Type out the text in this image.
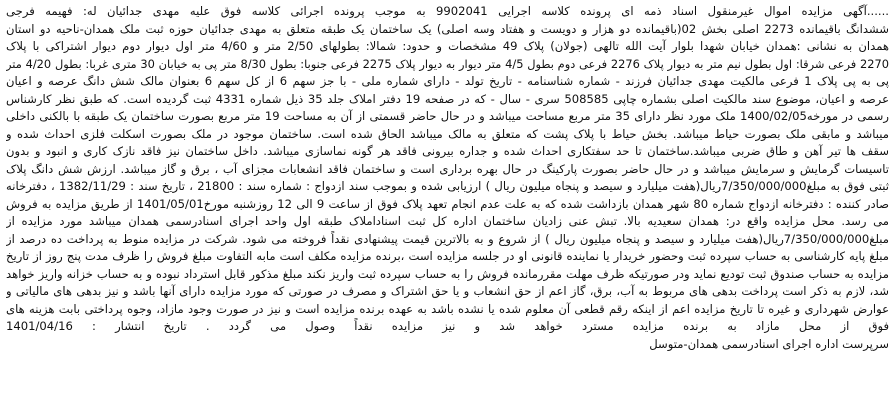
......آگهی مزایده اموال غیرمنقول اسناد ذمه ای پرونده کلاسه اجرایی 9902041 به موجب پرونده اجرائی کلاسه فوق علیه مهدی جدائیان له: فهیمه فرجی
ششدانگ باقیمانده 2273 اصلی بخش 02(باقیمانده دو هزار و دویست و هفتاد وسه اصلی) یک ساختمان یک طبقه متعلق به مهدی جدائیان حوزه ثبت ملک همدان-ناحیه دو استان
همدان به نشانی :همدان خیابان شهدا بلوار آیت الله تالهی (جولان) پلاک 49 مشخصات و حدود: شمالا: بطولهای 2/50 متر و 4/60 متر اول دیوار دوم دیوار اشتراکی با پلاک
2270 فرعی شرقا: اول بطول نیم متر به دیوار پلاک 2276 فرعی دوم بطول 4/5 متر دیوار به دیوار پلاک 2275 فرعی جنوبا: بطول 8/30 متر پی به خیابان 30 متری غربا: بطول 4/20 متر
پی به پی پلاک 1 فرعی مالکیت مهدی جدائیان فرزند - شماره شناسنامه - تاریخ تولد - دارای شماره ملی - با جز سهم 6 از کل سهم 6 بعنوان مالک شش دانگ عرصه و اعیان
عرصه و اعیان، موضوع سند مالکیت اصلی بشماره چاپی 508585 سری - سال - که در صفحه 19 دفتر املاک جلد 35 ذیل شماره 4331 ثبت گردیده است. که طبق نظر کارشناس
رسمی در مورخه1400/02/05 ملک مورد نظر دارای 35 متر مربع مساحت میباشد و در حال حاضر قسمتی از آن به مساحت 19 متر مربع بصورت ساختمان یک طبقه با بالکنی داخلی
میباشد و مابقی ملک بصورت حیاط میباشد. بخش حیاط با پلاک پشت که متعلق به مالک میباشد الحاق شده است. ساختمان موجود در ملک بصورت اسکلت فلزی احداث شده و
سقف ها تیر آهن و طاق ضربی میباشد.ساختمان تا حد سفتکاری احداث شده و جداره بیرونی فاقد هر گونه نماسازی میباشد. داخل ساختمان نیز فاقد نازک کاری و انبود و بدون
تاسیسات گرمایش و سرمایش میباشد و در حال حاضر بصورت پارکینگ در حال بهره برداری است و ساختمان فاقد انشعابات مجزای آب ، برق و گاز میباشد. ارزش شش دانگ پلاک
ثبتی فوق به مبلغ7/350/000/000ریال(هفت میلیارد و سیصد و پنجاه میلیون ریال ) ارزیابی شده و بموجب سند ازدواج : شماره سند : 21800 ، تاریخ سند : 1382/11/29 ، دفترخانه
صادر کننده : دفترخانه ازدواج شماره 80 شهر همدان بازداشت شده که به علت عدم انجام تعهد پلاک فوق از ساعت 9 الی 12 روزشنبه مورخ1401/05/01 از طریق مزایده به فروش
می رسد. محل مزایده واقع در: همدان سعیدیه بالا. تبش عنی زادیان ساختمان اداره کل ثبت اسناداملاک طبقه اول واحد اجرای اسنادرسمی همدان میباشد مورد مزایده از
مبلغ7/350/000/000ریال(هفت میلیارد و سیصد و پنجاه میلیون ریال ) از شروع و به بالاترین قیمت پیشنهادی نقداً فروخته می شود. شرکت در مزایده منوط به پرداخت ده درصد از
مبلغ پایه کارشناسی به حساب سپرده ثبت وحضور خریدار یا نماینده قانونی او در جلسه مزایده است ،برنده مزایده مکلف است مابه التفاوت مبلغ فروش را ظرف مدت پنج روز از تاریخ
مزایده به حساب صندوق ثبت تودیع نماید ودر صورتیکه ظرف مهلت مقررمانده فروش را به حساب سپرده ثبت واریز نکند مبلغ مذکور قابل استرداد نبوده و به حساب خزانه واریز خواهد
شد، لازم به ذکر است پرداخت بدهی های مربوط به آب، برق، گاز اعم از حق انشعاب و یا حق اشتراک و مصرف در صورتی که مورد مزایده دارای آنها باشد و نیز بدهی های مالیاتی و
عوارض شهرداری و غیره تا تاریخ مزایده اعم از اینکه رقم قطعی آن معلوم شده یا نشده باشد به عهده برنده مزایده است و نیز در صورت وجود مازاد، وجوه پرداختی بابت هزینه های
فوق از محل مازاد به برنده مزایده مسترد خواهد شد و نیز مزایده نقداً وصول می گردد . تاریخ انتشار : 1401/04/16
سرپرست اداره اجرای اسنادرسمی همدان-متوسل
